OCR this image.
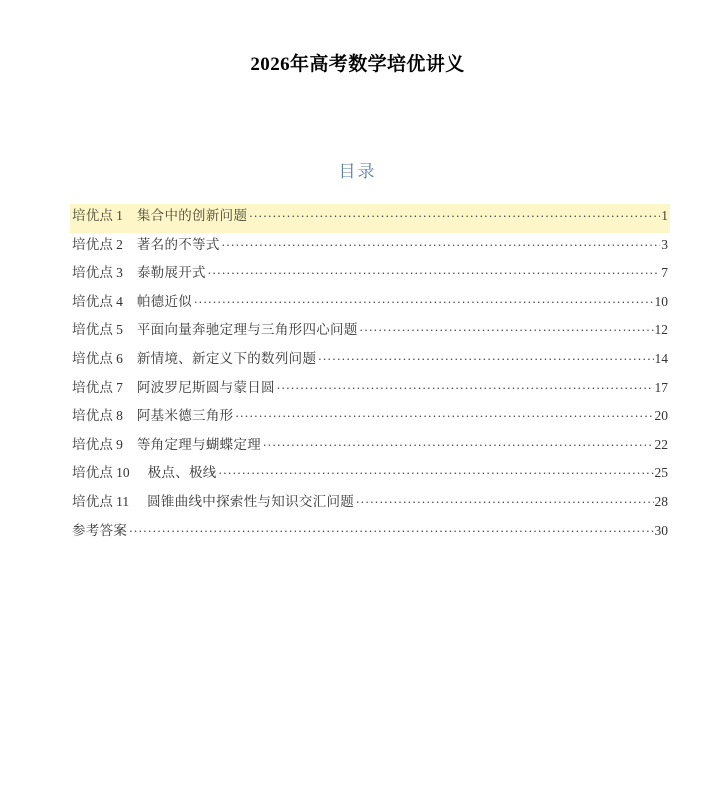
2026年高考数学培优讲义
目录
培优点 1	集合中的创新问题 .....	1
培优点 2	著名的不等式 .....	3
培优点 3	泰勒展开式 .....	7
培优点 4	帕德近似 .....	10
培优点 5	平面向量奔驰定理与三角形四心问题 .....	12
培优点 6	新情境、新定义下的数列问题 .....	14
培优点 7	阿波罗尼斯圆与蒙日圆 .....	17
培优点 8	阿基米德三角形 .....	20
培优点 9	等角定理与蝴蝶定理 .....	22
培优点 10	极点、极线 .....	25
培优点 11	圆锥曲线中探索性与知识交汇问题 .....	28
参考答案 .....	30
